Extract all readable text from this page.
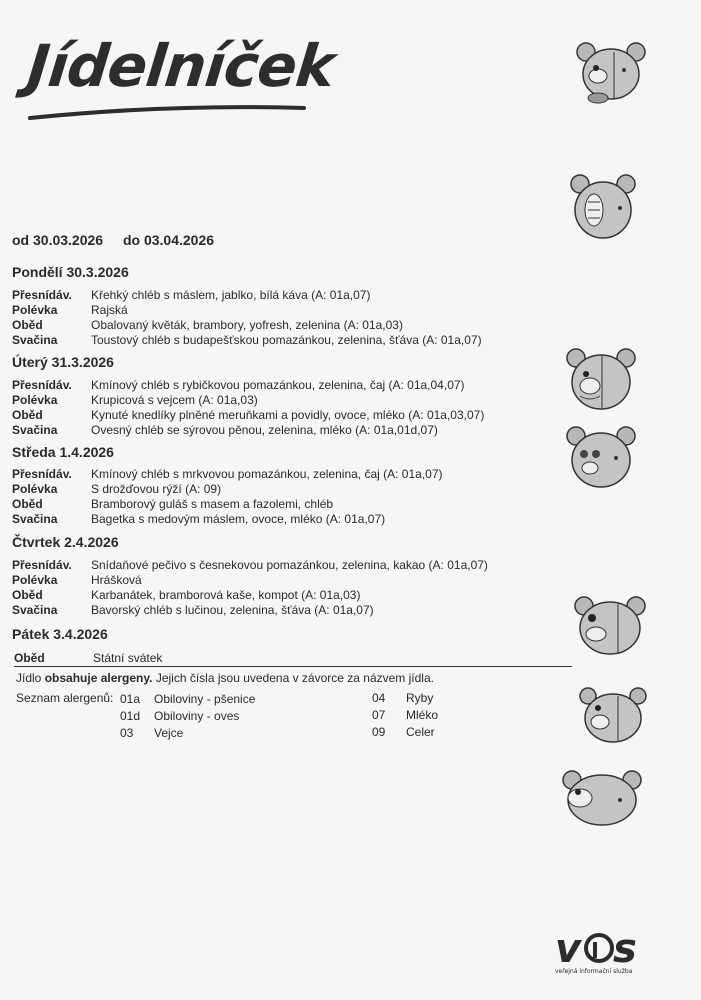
Jídelníček
od 30.03.2026 do 03.04.2026
Pondělí 30.3.2026
Přesnídáv.	Křehký chléb s máslem, jablko, bílá káva (A: 01a,07)
Polévka	Rajská
Oběd	Obalovaný květák, brambory, yofresh, zelenina (A: 01a,03)
Svačina	Toustový chléb s budapešťskou pomazánkou, zelenina, šťáva (A: 01a,07)
Úterý 31.3.2026
Přesnídáv.	Kmínový chléb s rybičkovou pomazánkou, zelenina, čaj (A: 01a,04,07)
Polévka	Krupicová s vejcem (A: 01a,03)
Oběd	Kynuté knedlíky plněné meruňkami a povidly, ovoce, mléko (A: 01a,03,07)
Svačina	Ovesný chléb se sýrovou pěnou, zelenina, mléko (A: 01a,01d,07)
Středa 1.4.2026
Přesnídáv.	Kmínový chléb s mrkvovou pomazánkou, zelenina, čaj (A: 01a,07)
Polévka	S drožďovou rýží (A: 09)
Oběd	Bramborový guláš s masem a fazolemi, chléb
Svačina	Bagetka s medovým máslem, ovoce, mléko (A: 01a,07)
Čtvrtek 2.4.2026
Přesnídáv.	Snídaňové pečivo s česnekovou pomazánkou, zelenina, kakao (A: 01a,07)
Polévka	Hrášková
Oběd	Karbanátek, bramborová kaše, kompot (A: 01a,03)
Svačina	Bavorský chléb s lučinou, zelenina, šťáva (A: 01a,07)
Pátek 3.4.2026
Oběd	Státní svátek
Jídlo obsahuje alergeny. Jejich čísla jsou uvedena v závorce za názvem jídla.
Seznam alergenů: 01a Obiloviny - pšenice
01d Obiloviny - oves
03 Vejce
04 Ryby
07 Mléko
09 Celer
v s
veřejná informační služba
